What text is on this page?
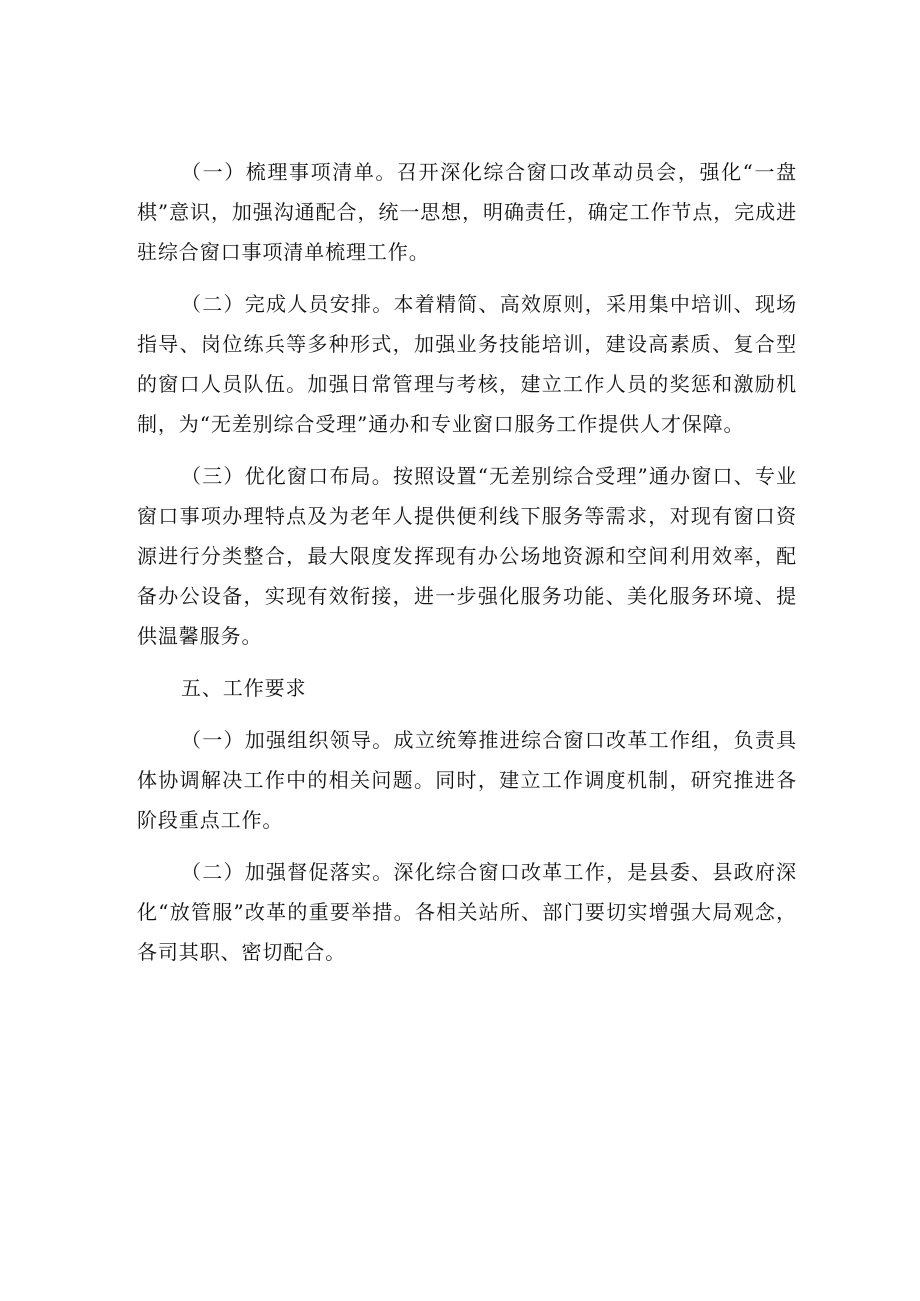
（一）梳理事项清单。召开深化综合窗口改革动员会，强化“一盘棋”意识，加强沟通配合，统一思想，明确责任，确定工作节点，完成进驻综合窗口事项清单梳理工作。

（二）完成人员安排。本着精简、高效原则，采用集中培训、现场指导、岗位练兵等多种形式，加强业务技能培训，建设高素质、复合型的窗口人员队伍。加强日常管理与考核，建立工作人员的奖惩和激励机制，为“无差别综合受理”通办和专业窗口服务工作提供人才保障。

（三）优化窗口布局。按照设置“无差别综合受理”通办窗口、专业窗口事项办理特点及为老年人提供便利线下服务等需求，对现有窗口资源进行分类整合，最大限度发挥现有办公场地资源和空间利用效率，配备办公设备，实现有效衔接，进一步强化服务功能、美化服务环境、提供温馨服务。

五、工作要求

（一）加强组织领导。成立统筹推进综合窗口改革工作组，负责具体协调解决工作中的相关问题。同时，建立工作调度机制，研究推进各阶段重点工作。

（二）加强督促落实。深化综合窗口改革工作，是县委、县政府深化“放管服”改革的重要举措。各相关站所、部门要切实增强大局观念，各司其职、密切配合。
